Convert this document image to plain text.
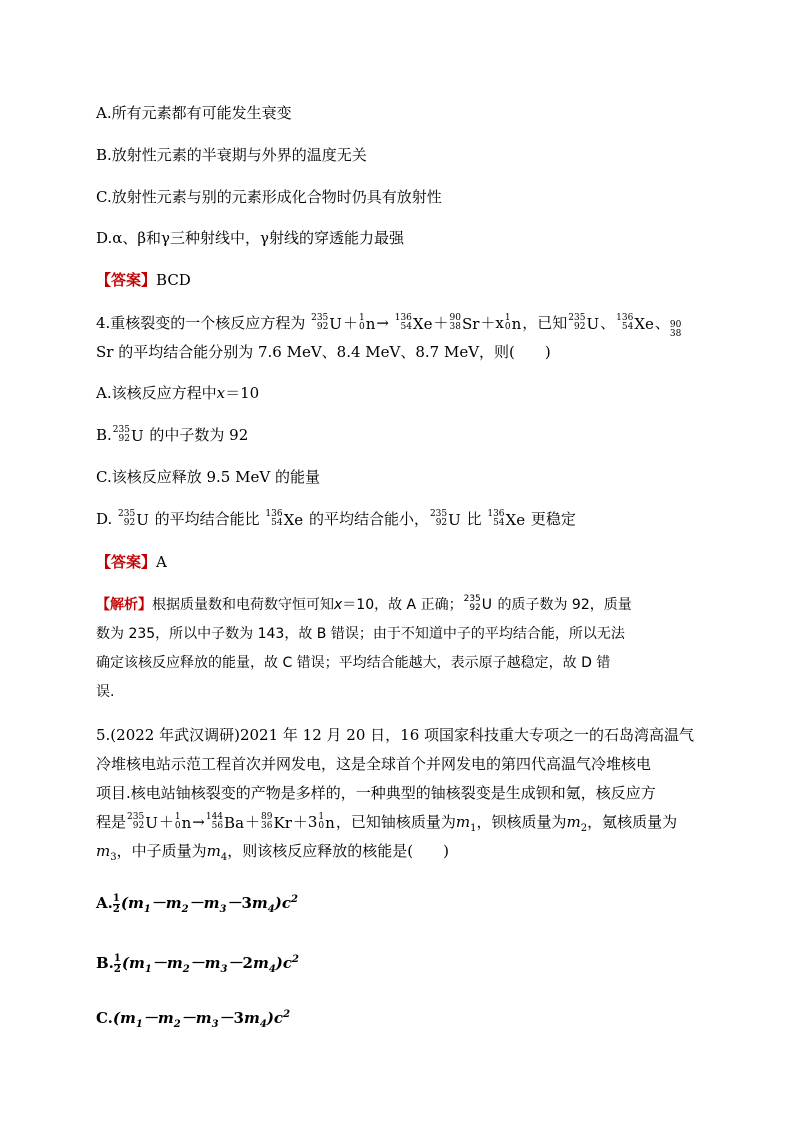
A.所有元素都有可能发生衰变
B.放射性元素的半衰期与外界的温度无关
C.放射性元素与别的元素形成化合物时仍具有放射性
D.α、β和γ三种射线中，γ射线的穿透能力最强
【答案】BCD
4.重核裂变的一个核反应方程为 235
92 U ＋ 1
0 n → 136
54 Xe ＋ 90
38 Sr ＋x 1
0 n ，已知 235
92 U 、 136
54 Xe 、 90
38
Sr 的平均结合能分别为 7.6 MeV、8.4 MeV、8.7 MeV，则(　　)
A.该核反应方程中x＝10
B. 235
92 U 的中子数为 92
C.该核反应释放 9.5 MeV 的能量
D. 235
92 U 的平均结合能比 136
54 Xe 的平均结合能小， 235
92 U 比 136
54 Xe 更稳定
【答案】A
【解析】根据质量数和电荷数守恒可知x＝10，故 A 正确； 235
92 U 的质子数为 92，质量
数为 235，所以中子数为 143，故 B 错误；由于不知道中子的平均结合能，所以无法
确定该核反应释放的能量，故 C 错误；平均结合能越大，表示原子越稳定，故 D 错
误.
5.(2022 年武汉调研)2021 年 12 月 20 日，16 项国家科技重大专项之一的石岛湾高温气
冷堆核电站示范工程首次并网发电，这是全球首个并网发电的第四代高温气冷堆核电
项目.核电站铀核裂变的产物是多样的，一种典型的铀核裂变是生成钡和氪，核反应方
程是 235
92 U ＋ 1
0 n → 144
56 Ba ＋ 89
36 Kr ＋3 1
0 n ，已知铀核质量为$m_1$，钡核质量为$m_2$，氪核质量为
$m_3$，中子质量为$m_4$，则该核反应释放的核能是(　　)
A. $\frac{1}{2} (m_1-m_2-m_3-3m_4)c^2$
B. $\frac{1}{2} (m_1-m_2-m_3-2m_4)c^2$
$C.(m_1-m_2-m_3-3m_4)c^2$
